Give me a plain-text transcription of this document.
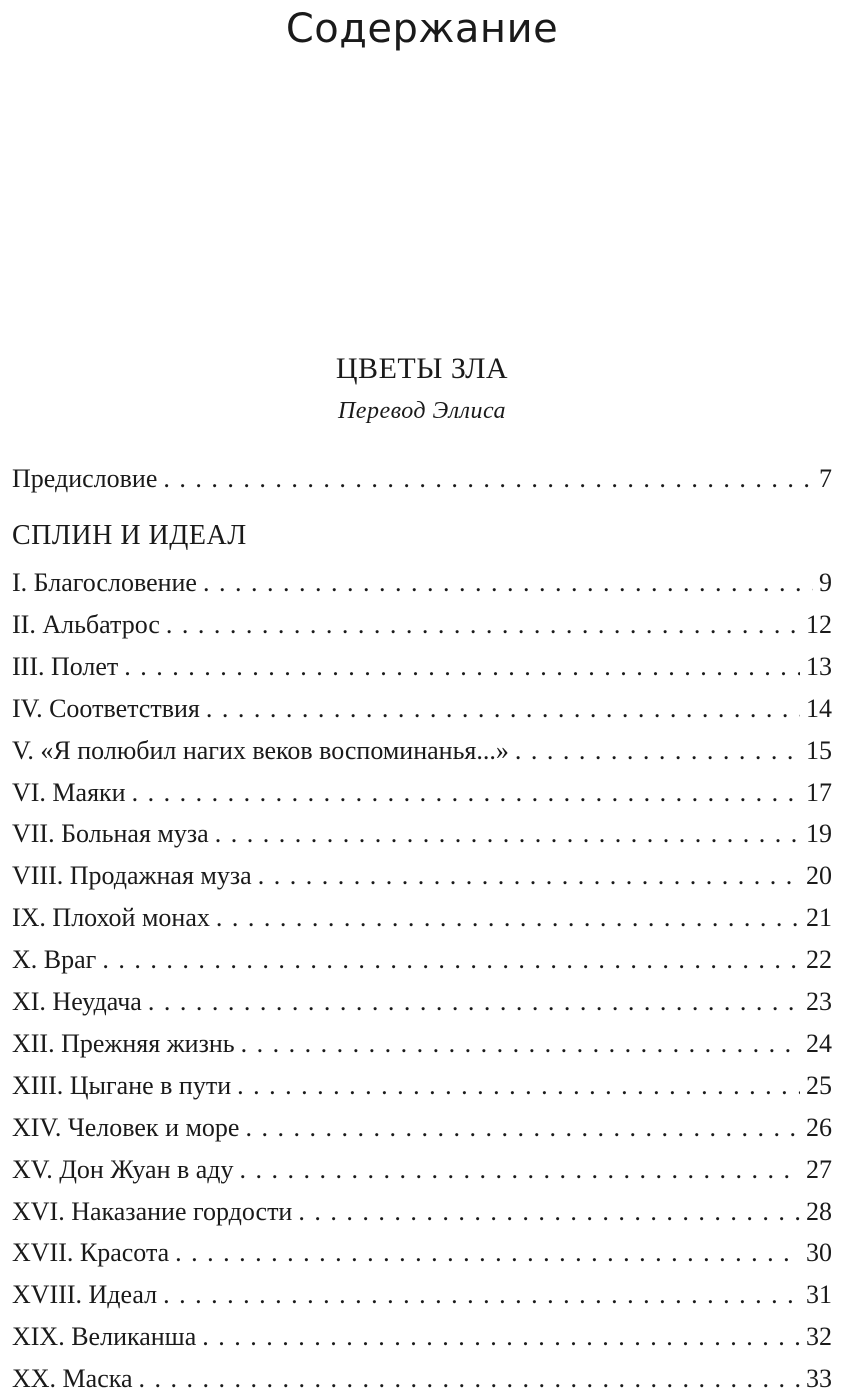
Содержание
ЦВЕТЫ ЗЛА
Перевод Эллиса
Предисловие . . .	7
СПЛИН И ИДЕАЛ
I. Благословение . . .	9
II. Альбатрос . . .	12
III. Полет . . .	13
IV. Соответствия . . .	14
V. «Я полюбил нагих веков воспоминанья...» . . .	15
VI. Маяки . . .	17
VII. Больная муза . . .	19
VIII. Продажная муза . . .	20
IX. Плохой монах . . .	21
X. Враг . . .	22
XI. Неудача . . .	23
XII. Прежняя жизнь . . .	24
XIII. Цыгане в пути . . .	25
XIV. Человек и море . . .	26
XV. Дон Жуан в аду . . .	27
XVI. Наказание гордости . . .	28
XVII. Красота . . .	30
XVIII. Идеал . . .	31
XIX. Великанша . . .	32
XX. Маска . . .	33
